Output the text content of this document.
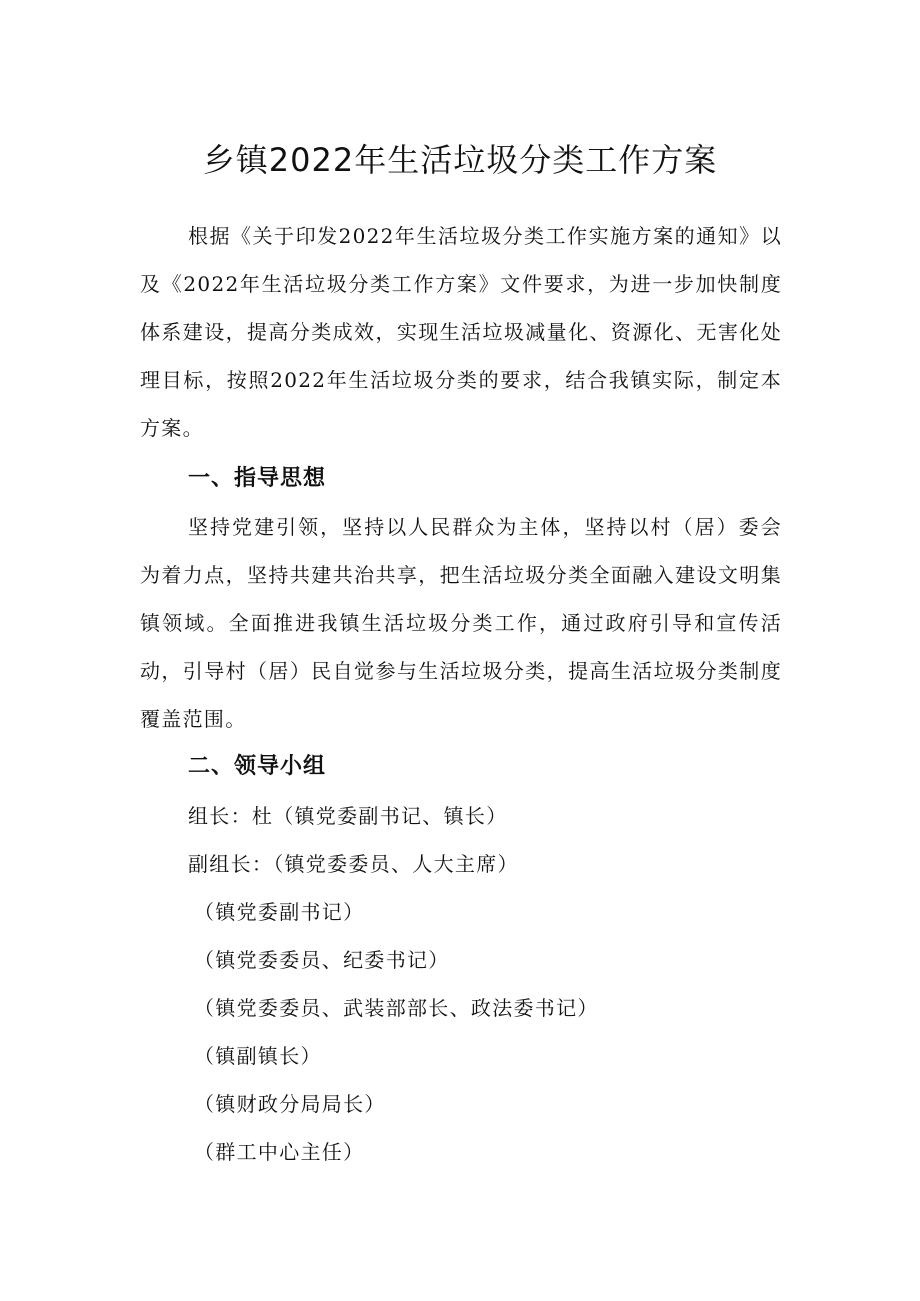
乡镇2022年生活垃圾分类工作方案

根据《关于印发2022年生活垃圾分类工作实施方案的通知》以及《2022年生活垃圾分类工作方案》文件要求，为进一步加快制度体系建设，提高分类成效，实现生活垃圾减量化、资源化、无害化处理目标，按照2022年生活垃圾分类的要求，结合我镇实际，制定本方案。

一、指导思想

坚持党建引领，坚持以人民群众为主体，坚持以村（居）委会为着力点，坚持共建共治共享，把生活垃圾分类全面融入建设文明集镇领域。全面推进我镇生活垃圾分类工作，通过政府引导和宣传活动，引导村（居）民自觉参与生活垃圾分类，提高生活垃圾分类制度覆盖范围。

二、领导小组

组长：杜（镇党委副书记、镇长）

副组长：（镇党委委员、人大主席）

（镇党委副书记）

（镇党委委员、纪委书记）

（镇党委委员、武装部部长、政法委书记）

（镇副镇长）

（镇财政分局局长）

（群工中心主任）
